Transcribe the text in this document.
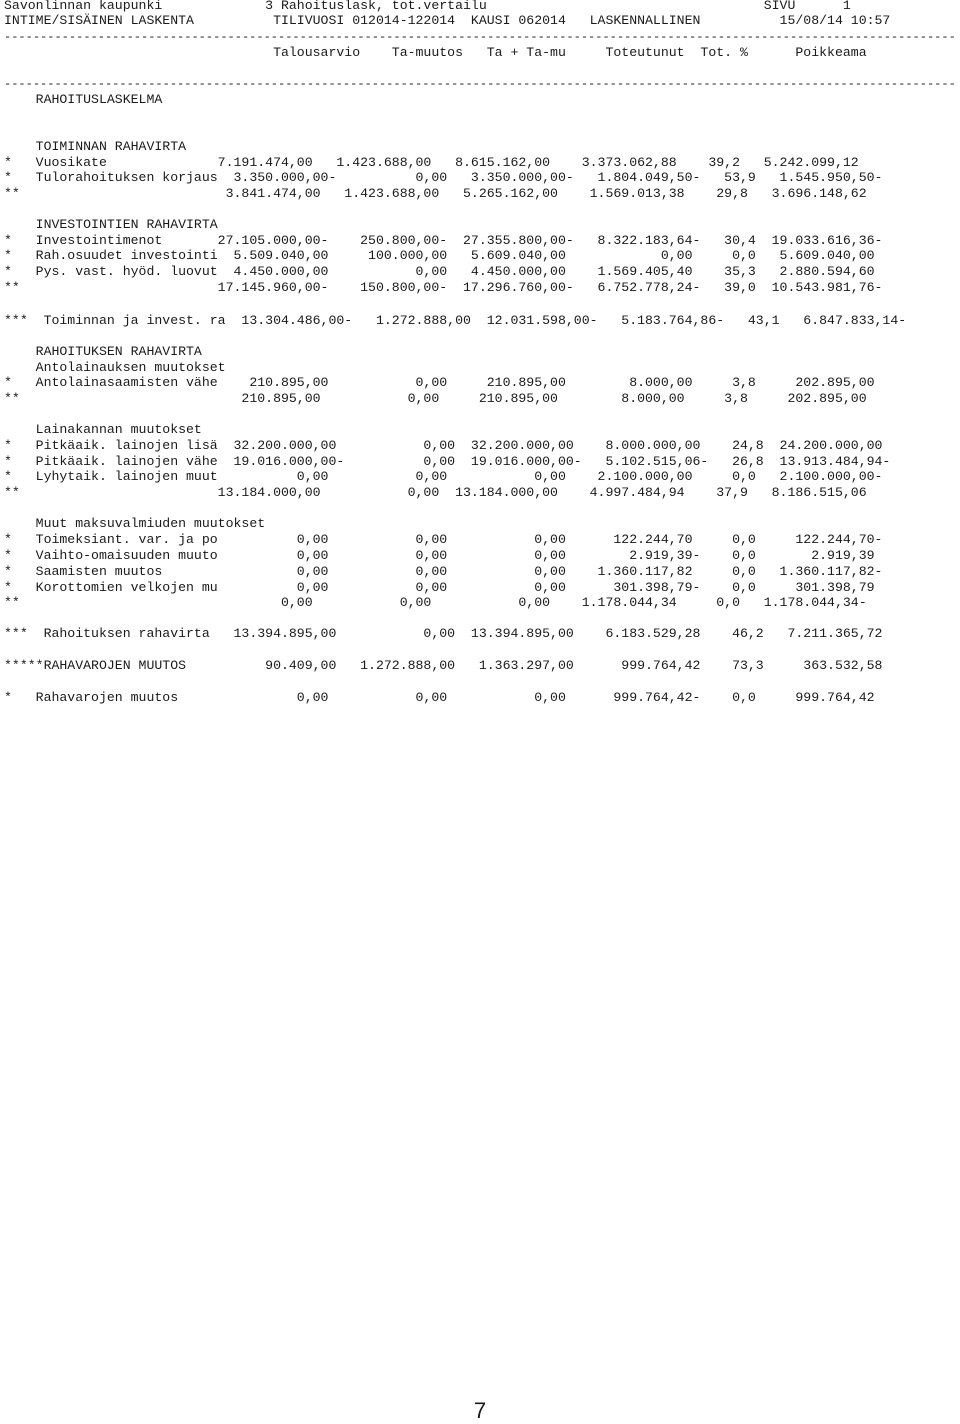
Savonlinnan kaupunki             3 Rahoituslask, tot.vertailu                                   SIVU      1
INTIME/SISÄINEN LASKENTA          TILIVUOSI 012014-122014  KAUSI 062014   LASKENNALLINEN          15/08/14 10:57
------------------------------------------------------------------------------------------------------------------------------------
Talousarvio    Ta-muutos   Ta + Ta-mu     Toteutunut  Tot. %      Poikkeama
------------------------------------------------------------------------------------------------------------------------------------
RAHOITUSLASKELMA
TOIMINNAN RAHAVIRTA
*   Vuosikate              7.191.474,00   1.423.688,00   8.615.162,00    3.373.062,88    39,2   5.242.099,12
*   Tulorahoituksen korjaus  3.350.000,00-          0,00   3.350.000,00-   1.804.049,50-   53,9   1.545.950,50-
**                          3.841.474,00   1.423.688,00   5.265.162,00    1.569.013,38    29,8   3.696.148,62
INVESTOINTIEN RAHAVIRTA
*   Investointimenot       27.105.000,00-    250.800,00-  27.355.800,00-   8.322.183,64-   30,4  19.033.616,36-
*   Rah.osuudet investointi  5.509.040,00     100.000,00   5.609.040,00            0,00     0,0   5.609.040,00
*   Pys. vast. hyöd. luovut  4.450.000,00           0,00   4.450.000,00    1.569.405,40    35,3   2.880.594,60
**                         17.145.960,00-    150.800,00-  17.296.760,00-   6.752.778,24-   39,0  10.543.981,76-
***  Toiminnan ja invest. ra  13.304.486,00-   1.272.888,00  12.031.598,00-   5.183.764,86-   43,1   6.847.833,14-
RAHOITUKSEN RAHAVIRTA
Antolainauksen muutokset
*   Antolainasaamisten vähe    210.895,00           0,00     210.895,00        8.000,00     3,8     202.895,00
**                            210.895,00           0,00     210.895,00        8.000,00     3,8     202.895,00
Lainakannan muutokset
*   Pitkäaik. lainojen lisä  32.200.000,00           0,00  32.200.000,00    8.000.000,00    24,8  24.200.000,00
*   Pitkäaik. lainojen vähe  19.016.000,00-          0,00  19.016.000,00-   5.102.515,06-   26,8  13.913.484,94-
*   Lyhytaik. lainojen muut          0,00           0,00           0,00    2.100.000,00     0,0   2.100.000,00-
**                         13.184.000,00           0,00  13.184.000,00    4.997.484,94    37,9   8.186.515,06
Muut maksuvalmiuden muutokset
*   Toimeksiant. var. ja po          0,00           0,00           0,00      122.244,70     0,0     122.244,70-
*   Vaihto-omaisuuden muuto          0,00           0,00           0,00        2.919,39-    0,0       2.919,39
*   Saamisten muutos                 0,00           0,00           0,00    1.360.117,82     0,0   1.360.117,82-
*   Korottomien velkojen mu          0,00           0,00           0,00      301.398,79-    0,0     301.398,79
**                                 0,00           0,00           0,00    1.178.044,34     0,0   1.178.044,34-
***  Rahoituksen rahavirta   13.394.895,00           0,00  13.394.895,00    6.183.529,28    46,2   7.211.365,72
*****RAHAVAROJEN MUUTOS          90.409,00   1.272.888,00   1.363.297,00      999.764,42    73,3     363.532,58
*   Rahavarojen muutos               0,00           0,00           0,00      999.764,42-    0,0     999.764,42
7
